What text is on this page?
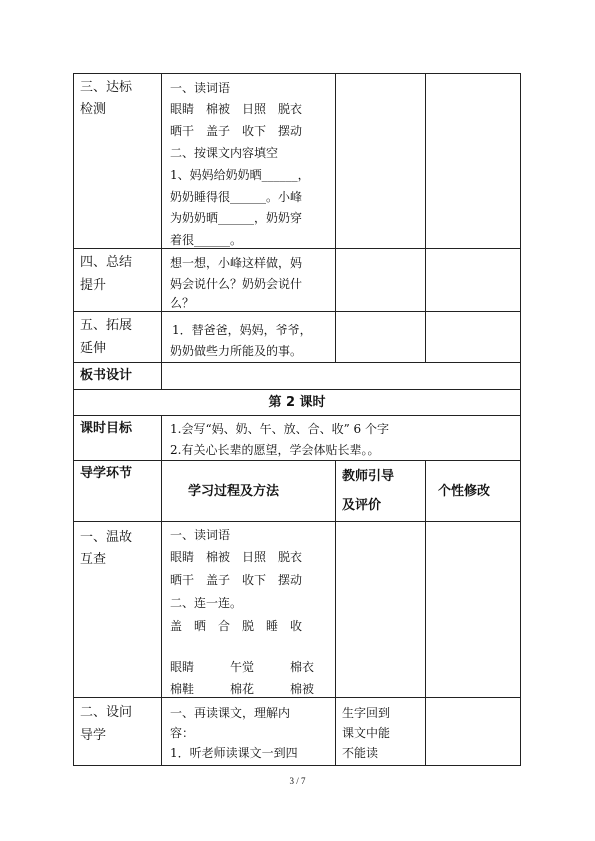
三、达标
检测
一、读词语
眼睛　棉被　日照　脱衣
晒干　盖子　收下　摆动
二、按课文内容填空
1、妈妈给奶奶晒______，
奶奶睡得很______。小峰
为奶奶晒______，奶奶穿
着很______。
四、总结
提升
想一想，小峰这样做，妈
妈会说什么？奶奶会说什
么？
五、拓展
延伸
1．替爸爸，妈妈，爷爷，
奶奶做些力所能及的事。
板书设计
第 2 课时
课时目标	1.会写“妈、奶、午、放、合、收” 6 个字
2.有关心长辈的愿望，学会体贴长辈。。
导学环节
学习过程及方法
教师引导
及评价
个性修改
一、温故
互查
一、读词语
眼睛　棉被　日照　脱衣
晒干　盖子　收下　摆动
二、连一连。
盖　晒　合　脱　睡　收
眼睛　　　午觉　　　棉衣
棉鞋　　　棉花　　　棉被
二、设问
导学
一、再读课文，理解内
容：
1．听老师读课文一到四
生字回到
课文中能
不能读
3 / 7
